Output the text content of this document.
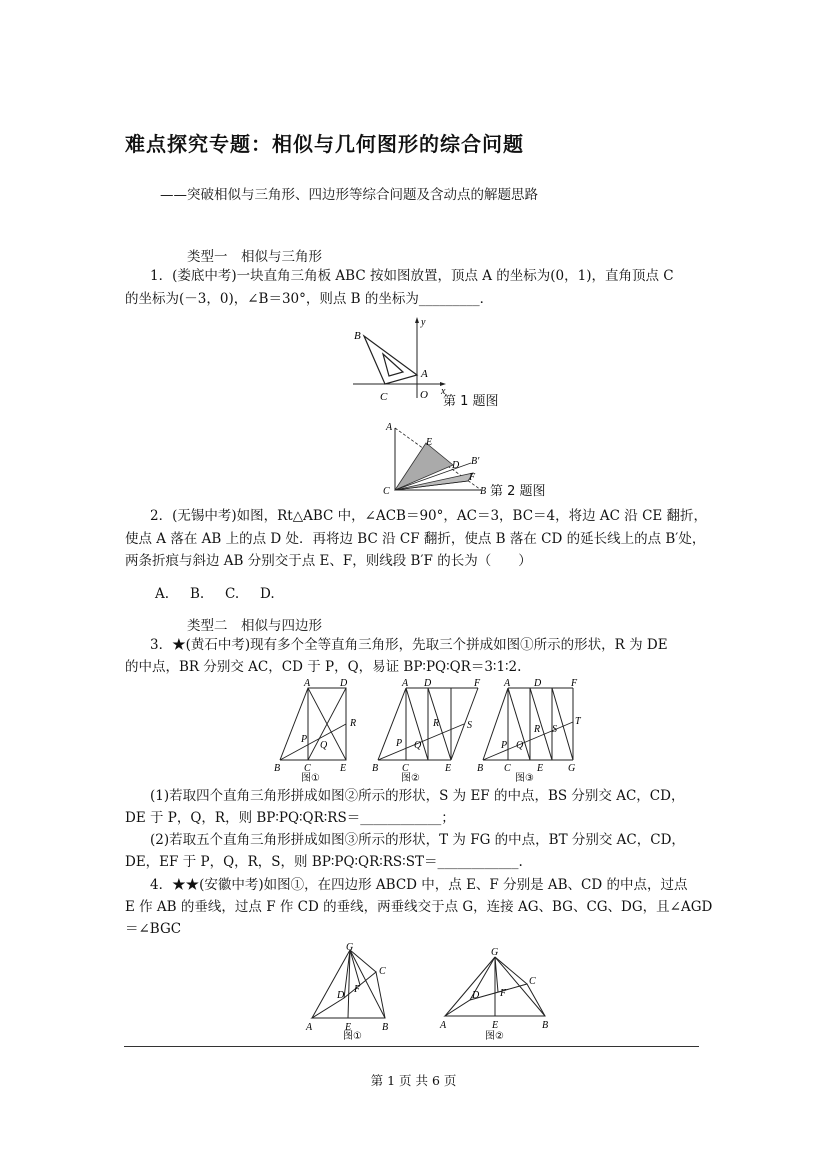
难点探究专题：相似与几何图形的综合问题
——突破相似与三角形、四边形等综合问题及含动点的解题思路
类型一　相似与三角形
1．(娄底中考)一块直角三角板 ABC 按如图放置，顶点 A 的坐标为(0，1)，直角顶点 C
的坐标为(－3，0)，∠B＝30°，则点 B 的坐标为_________．
B
A
C	O
y
x
第 1 题图
A
E
D B′
F
C	B 第 2 题图
2．(无锡中考)如图，Rt△ABC 中，∠ACB＝90°，AC＝3，BC＝4，将边 AC 沿 CE 翻折，
使点 A 落在 AB 上的点 D 处．再将边 BC 沿 CF 翻折，使点 B 落在 CD 的延长线上的点 B′处，
两条折痕与斜边 AB 分别交于点 E、F，则线段 B′F 的长为（　　）
A. B. C. D.
类型二　相似与四边形
3．★(黄石中考)现有多个全等直角三角形，先取三个拼成如图①所示的形状，R 为 DE
的中点，BR 分别交 AC，CD 于 P，Q，易证 BP∶PQ∶QR＝3∶1∶2.
A	D
R
P
Q
B C	E
A D	F
S
R
P Q
B C	E
A D	F
T
R S
P Q
B C	E G
图①	图②	图③
(1)若取四个直角三角形拼成如图②所示的形状，S 为 EF 的中点，BS 分别交 AC，CD，
DE 于 P，Q，R，则 BP∶PQ∶QR∶RS＝____________；
(2)若取五个直角三角形拼成如图③所示的形状，T 为 FG 的中点，BT 分别交 AC，CD，
DE，EF 于 P，Q，R，S，则 BP∶PQ∶QR∶RS∶ST＝____________.
4．★★(安徽中考)如图①，在四边形 ABCD 中，点 E、F 分别是 AB、CD 的中点，过点
E 作 AB 的垂线，过点 F 作 CD 的垂线，两垂线交于点 G，连接 AG、BG、CG、DG，且∠AGD
＝∠BGC
G
C
D
F
A	E	B
G
C
D F
A	E	B
图①	图②
第 1 页 共 6 页
